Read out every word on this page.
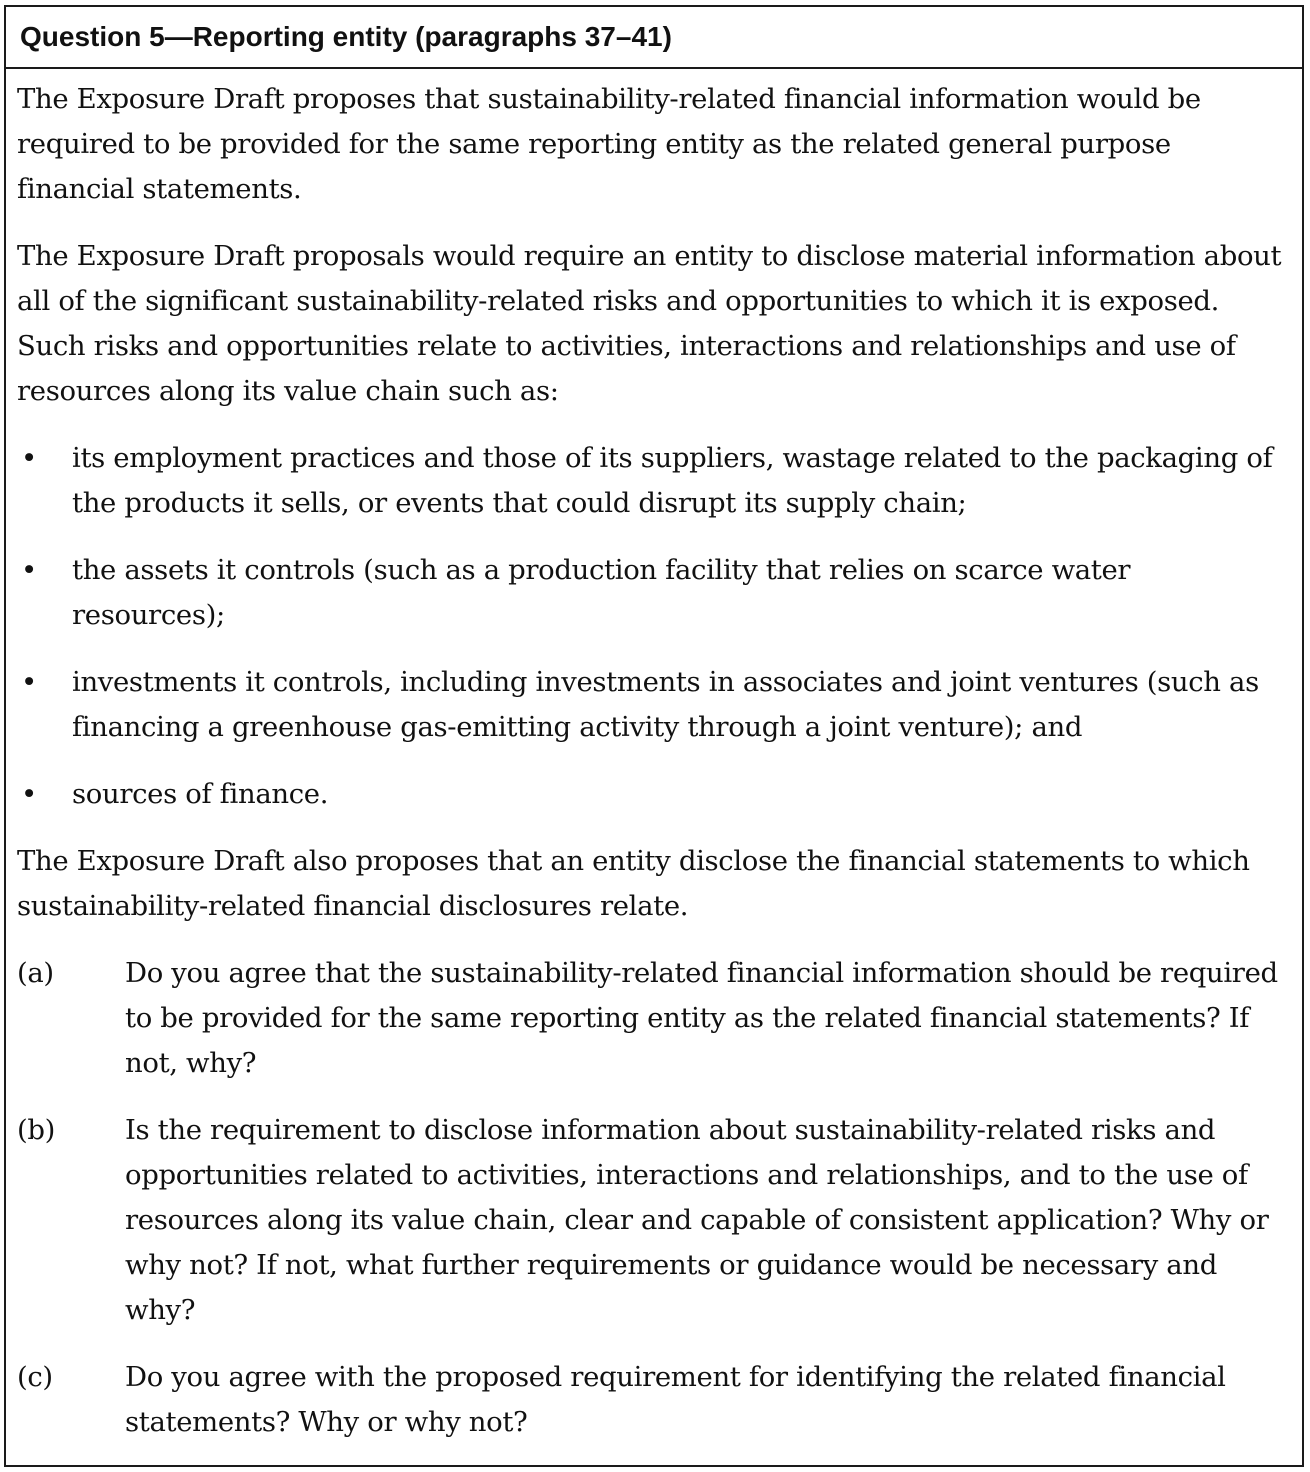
Question 5—Reporting entity (paragraphs 37–41)

The Exposure Draft proposes that sustainability-related financial information would be required to be provided for the same reporting entity as the related general purpose financial statements.

The Exposure Draft proposals would require an entity to disclose material information about all of the significant sustainability-related risks and opportunities to which it is exposed. Such risks and opportunities relate to activities, interactions and relationships and use of resources along its value chain such as:

• its employment practices and those of its suppliers, wastage related to the packaging of the products it sells, or events that could disrupt its supply chain;
• the assets it controls (such as a production facility that relies on scarce water resources);
• investments it controls, including investments in associates and joint ventures (such as financing a greenhouse gas-emitting activity through a joint venture); and
• sources of finance.

The Exposure Draft also proposes that an entity disclose the financial statements to which sustainability-related financial disclosures relate.

(a)	Do you agree that the sustainability-related financial information should be required to be provided for the same reporting entity as the related financial statements? If not, why?
(b)	Is the requirement to disclose information about sustainability-related risks and opportunities related to activities, interactions and relationships, and to the use of resources along its value chain, clear and capable of consistent application? Why or why not? If not, what further requirements or guidance would be necessary and why?
(c)	Do you agree with the proposed requirement for identifying the related financial statements? Why or why not?
